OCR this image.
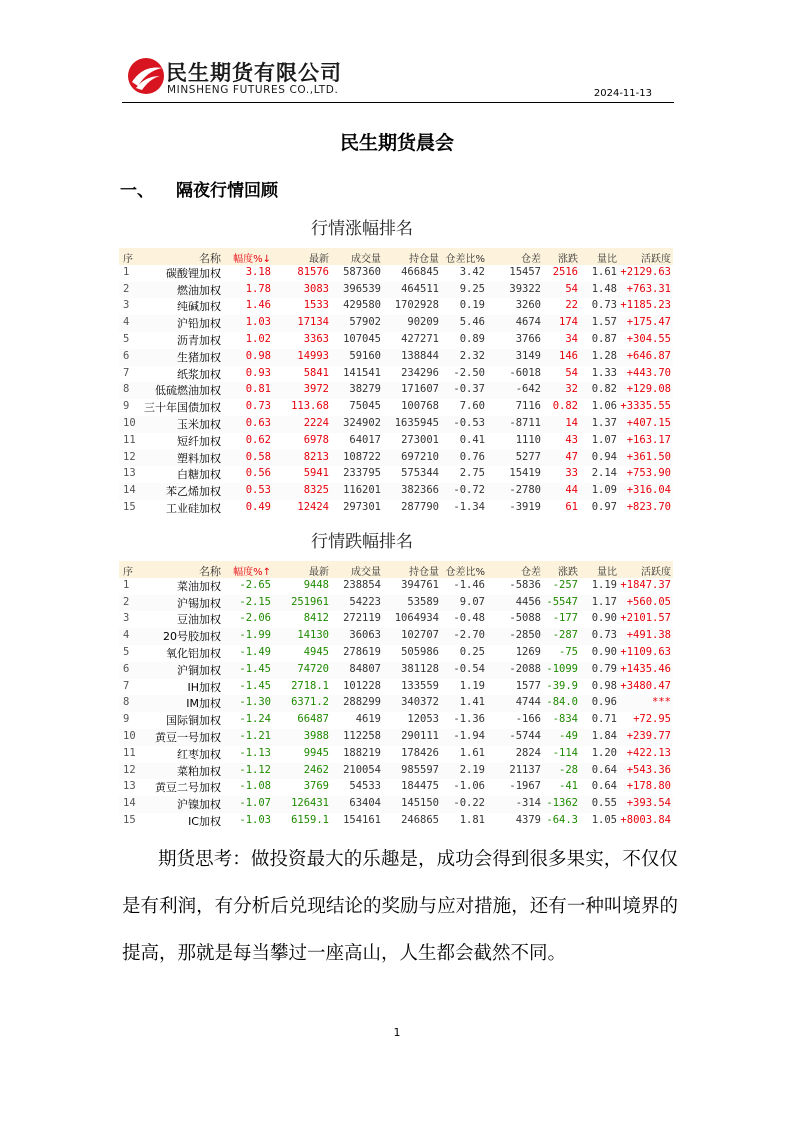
民生期货有限公司
MINSHENG FUTURES CO.,LTD.	2024-11-13
民生期货晨会
一、 隔夜行情回顾
行情涨幅排名
序	名称 幅度%↓	最新	成交量	持仓量 仓差比%	仓差	涨跌	量比	活跃度
1	碳酸锂加权	3.18	81576	587360	466845	3.42	15457	2516	1.61 +2129.63
2	燃油加权	1.78	3083	396539	464511	9.25	39322	54	1.48 +763.31
3	纯碱加权	1.46	1533	429580	1702928	0.19	3260	22	0.73 +1185.23
4	沪铅加权	1.03	17134	57902	90209	5.46	4674	174	1.57 +175.47
5	沥青加权	1.02	3363	107045	427271	0.89	3766	34	0.87 +304.55
6	生猪加权	0.98	14993	59160	138844	2.32	3149	146	1.28 +646.87
7	纸浆加权	0.93	5841	141541	234296	-2.50	-6018	54	1.33 +443.70
8 低硫燃油加权	0.81	3972	38279	171607	-0.37	-642	32	0.82 +129.08
9 三十年国债加权	0.73	113.68	75045	100768	7.60	7116	0.82	1.06 +3335.55
10	玉米加权	0.63	2224	324902	1635945	-0.53	-8711	14	1.37 +407.15
11	短纤加权	0.62	6978	64017	273001	0.41	1110	43	1.07 +163.17
12	塑料加权	0.58	8213	108722	697210	0.76	5277	47	0.94 +361.50
13	白糖加权	0.56	5941	233795	575344	2.75	15419	33	2.14 +753.90
14	苯乙烯加权	0.53	8325	116201	382366	-0.72	-2780	44	1.09 +316.04
15	工业硅加权	0.49	12424	297301	287790	-1.34	-3919	61	0.97 +823.70
行情跌幅排名
序	名称 幅度%↑	最新	成交量	持仓量 仓差比%	仓差	涨跌	量比	活跃度
1	菜油加权	-2.65	9448	238854	394761	-1.46	-5836	-257	1.19 +1847.37
2	沪锡加权	-2.15	251961	54223	53589	9.07	4456 -5547	1.17 +560.05
3	豆油加权	-2.06	8412	272119	1064934	-0.48	-5088	-177	0.90 +2101.57
4	20号胶加权	-1.99	14130	36063	102707	-2.70	-2850	-287	0.73 +491.38
5	氧化铝加权	-1.49	4945	278619	505986	0.25	1269	-75	0.90 +1109.63
6	沪铜加权	-1.45	74720	84807	381128	-0.54	-2088 -1099	0.79 +1435.46
7	IH加权	-1.45	2718.1	101228	133559	1.19	1577 -39.9	0.98 +3480.47
8	IM加权	-1.30	6371.2	288299	340372	1.41	4744 -84.0	0.96	***
9	国际铜加权	-1.24	66487	4619	12053	-1.36	-166	-834	0.71	+72.95
10 黄豆一号加权	-1.21	3988	112258	290111	-1.94	-5744	-49	1.84 +239.77
11	红枣加权	-1.13	9945	188219	178426	1.61	2824	-114	1.20 +422.13
12	菜粕加权	-1.12	2462	210054	985597	2.19	21137	-28	0.64 +543.36
13 黄豆二号加权	-1.08	3769	54533	184475	-1.06	-1967	-41	0.64 +178.80
14	沪镍加权	-1.07	126431	63404	145150	-0.22	-314 -1362	0.55 +393.54
15	IC加权	-1.03	6159.1	154161	246865	1.81	4379 -64.3	1.05 +8003.84
期货思考：做投资最大的乐趣是，成功会得到很多果实，不仅仅是有利润，有分析后兑现结论的奖励与应对措施，还有一种叫境界的提高，那就是每当攀过一座高山，人生都会截然不同。
1
